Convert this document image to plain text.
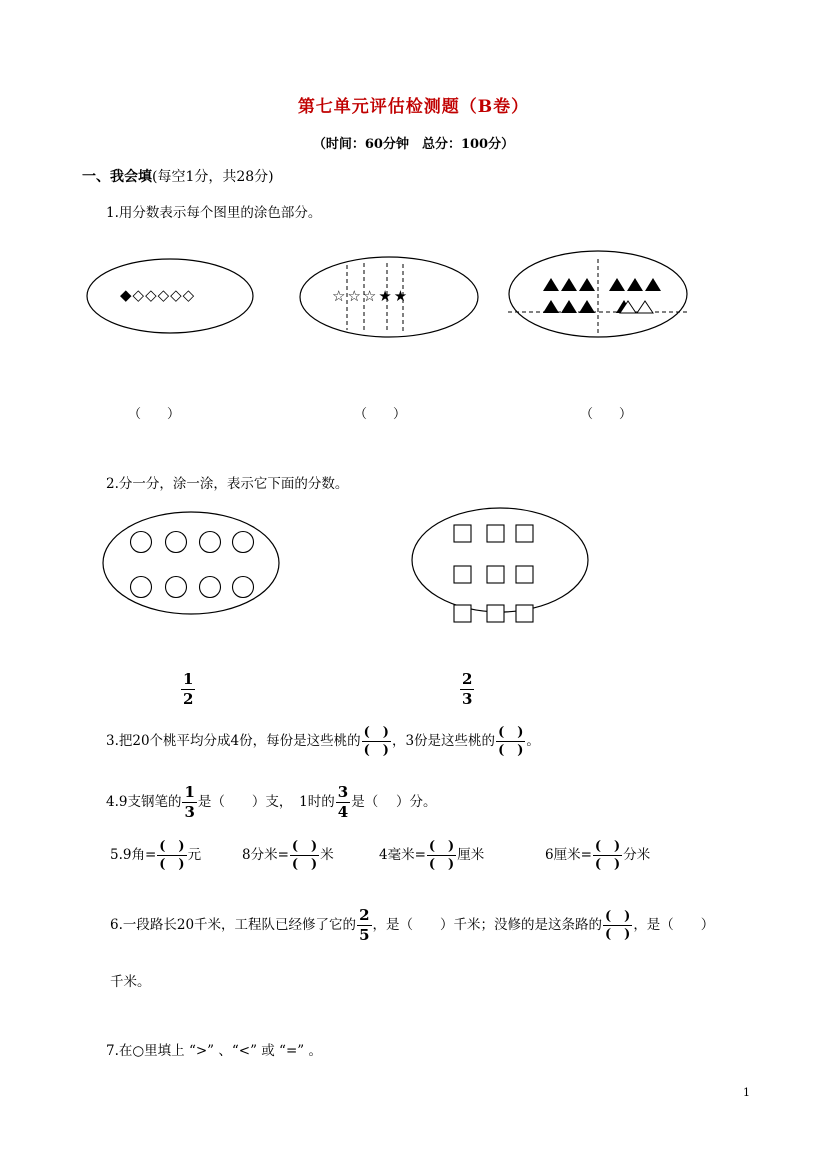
第七单元评估检测题（B卷）
（时间：60分钟　总分：100分）
一、我会填(每空1分，共28分)
1.用分数表示每个图里的涂色部分。
◆◇◇◇◇◇	☆☆☆★★
（　　）	（　　）	（　　）
2.分一分，涂一涂，表示它下面的分数。
$\frac{1}{2}$	$\frac{2}{3}$
3.把20个桃平均分成4份，每份是这些桃的 $\frac{( )}{( )}$ ，3份是这些桃的 $\frac{( )}{( )}$ 。
4.9支钢笔的 $\frac{1}{3}$ 是（　　）支，　1时的 $\frac{3}{4}$ 是（　 ）分。
5.9角= $\frac{( )}{( )}$ 元	8分米= $\frac{( )}{( )}$ 米	4毫米= $\frac{( )}{( )}$ 厘米	6厘米= $\frac{( )}{( )}$ 分米
6.一段路长20千米，工程队已经修了它的 $\frac{2}{5}$ ，是（　　）千米；没修的是这条路的 $\frac{( )}{( )}$ ，是（　　）
千米。
7.在○里填上 “>” 、“<” 或 “=” 。
1
